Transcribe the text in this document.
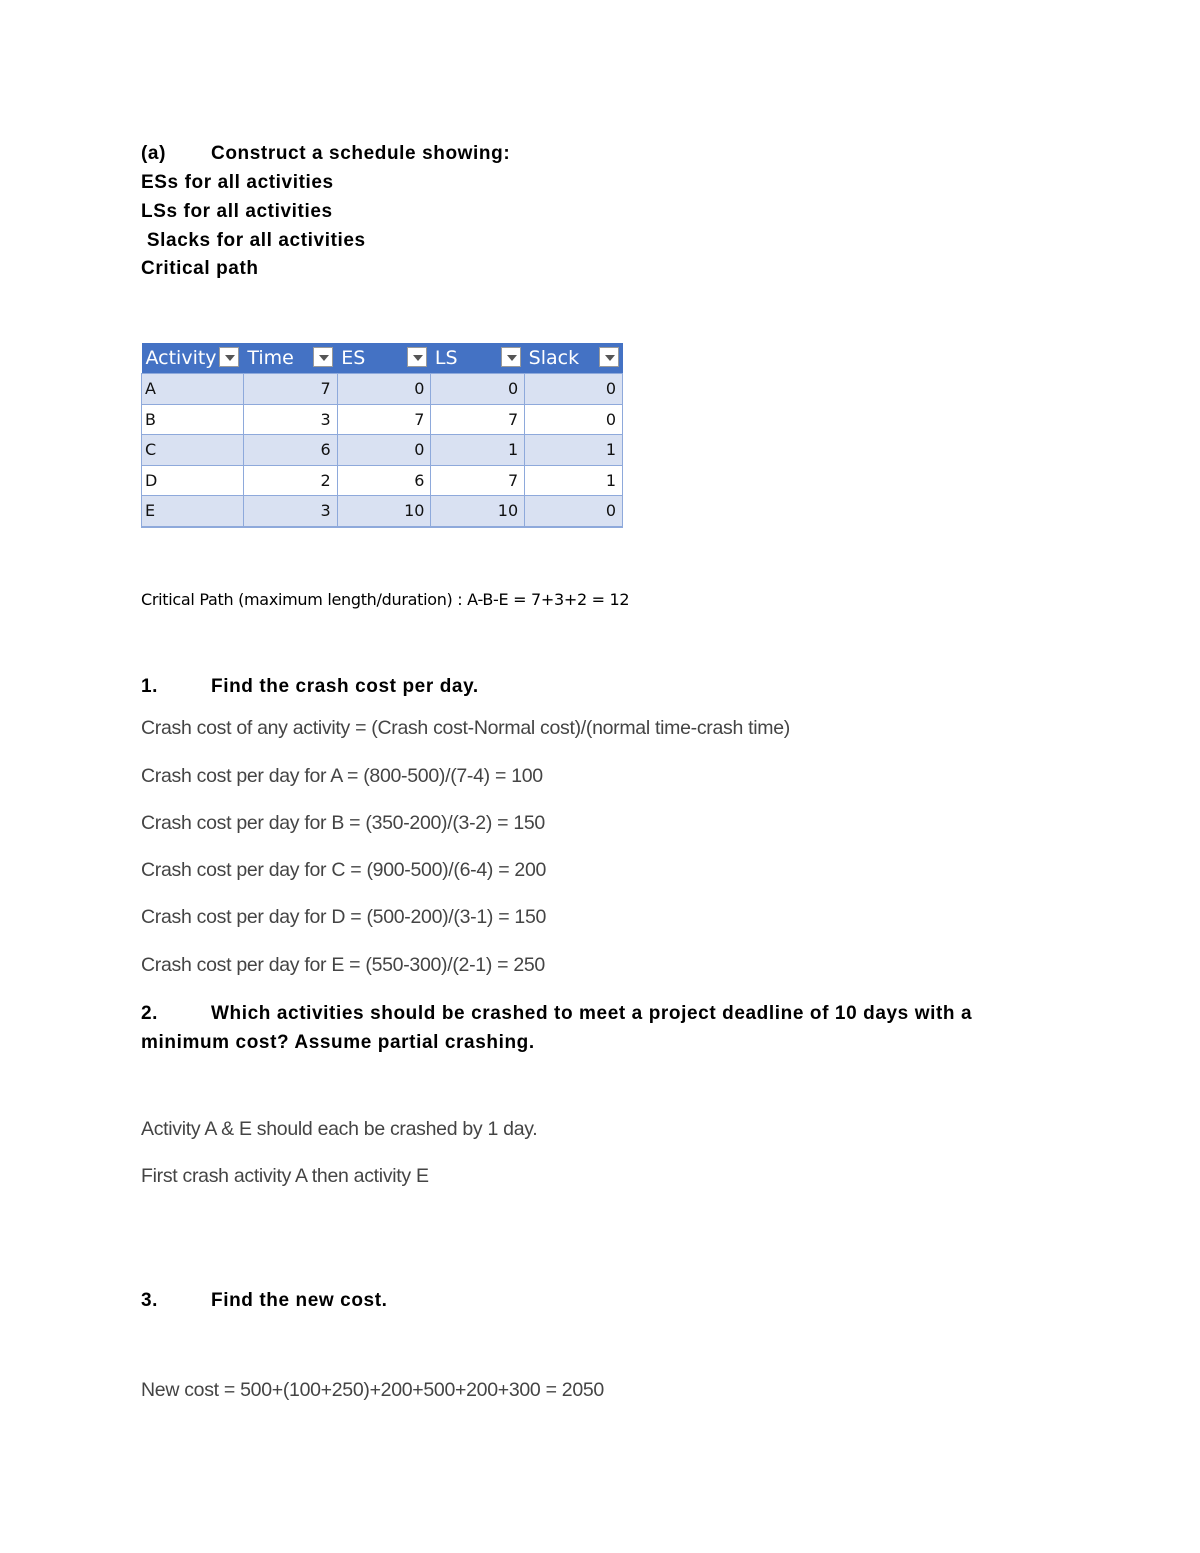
(a) Construct a schedule showing:
ESs for all activities
LSs for all activities
Slacks for all activities
Critical path
Activity	Time	ES	LS	Slack

A	7	0	0	0
B	3	7	7	0
C	6	0	1	1
D	2	6	7	1
E	3	10	10	0
Critical Path (maximum length/duration) : A-B-E = 7+3+2 = 12
1.	Find the crash cost per day.
Crash cost of any activity = (Crash cost-Normal cost)/(normal time-crash time)
Crash cost per day for A = (800-500)/(7-4) = 100
Crash cost per day for B = (350-200)/(3-2) = 150
Crash cost per day for C = (900-500)/(6-4) = 200
Crash cost per day for D = (500-200)/(3-1) = 150
Crash cost per day for E = (550-300)/(2-1) = 250
2.	Which activities should be crashed to meet a project deadline of 10 days with a
minimum cost? Assume partial crashing.
Activity A & E should each be crashed by 1 day.
First crash activity A then activity E
3.	Find the new cost.
New cost = 500+(100+250)+200+500+200+300 = 2050
